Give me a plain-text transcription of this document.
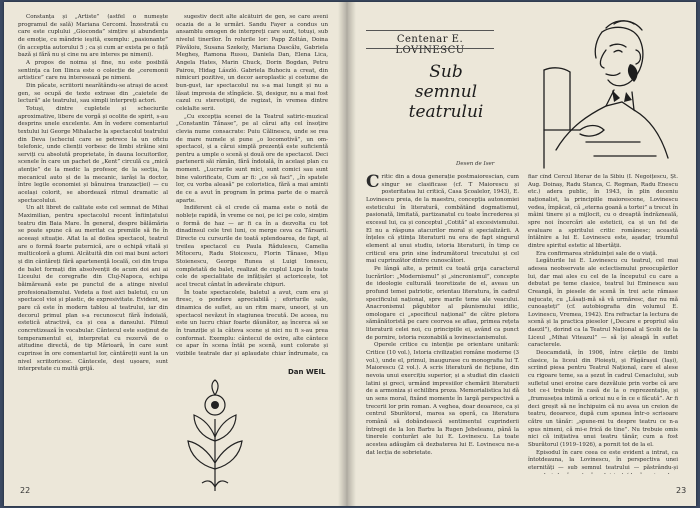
Constanța și „Artiste” (astfel o numește programul de sală) Mariana Cercomi. Înzestrată cu care este cuplului „Gioconda” simțire și abundența de emoție, cu mândrie ieșită, exemplu: „pasionante” (în acceptia autorului 5 ; ca și cum ar exista pe o față bază și fără nu și cine nu are interes pe nimeni).

A propos de noima și fine, nu este posibilă sentința ca Ion Ilinca este o colecție de „ceremonii artistice” care nu interesează pe nimeni.

Din păcate, scriitorii nearătându-se atrași de acest gen, se ocupă de texte extrase din „caietele de lectură” ale teatrului, sau simpli interpreți actori.

Totuși, dintre cupletele și scheciurile aproximative, libere de vorgă și ocolite de spirit, s-au desprins unele excelente. Am în vedere comentariul textului lui George Mihalache la spectacolul teatrului din Deva (scheciul care se petrece la un oficiu telefonic, unde clienții vorbesc de limbi străine sini serviți cu absolută proprietate, în dauna locuitorilor, scenele în care un pachet de „Kent” circulă cu „mică atenție” de la medic la profesor, de la secția, la mecanicul auto și de la mecanic, iarăși la doctor, între legile economiei și bănuirea tranzacției) — cu același colorit, se abordează ritmul dramatic al spectacolului.

Un alt libret de calitate este cel semnat de Mihai Maximilian, pentru spectacolul recent înființatului teatru din Baia Mare. În general, despre bălămăria se poate spune că au meritat ca premiile să fie în aceeași situație. Aflat la al doilea spectacol, teatrul are o formă foarte puternică, are o echipă vitală și multicoloră a glumi. Alcătuită din cei mai buni actori și din cântăreți fără apartenență locală, cei din trupa de balet formați din absolvenții de acum doi ani ai Liceului de coregrafie din Cluj-Napoca, echipa băimăreană este pe punctul de a atinge nivelul profesionalismului. Vedeta a fost aici baletul, cu un spectacol vioi și plastic, de expresivitate. Evident, se pare că este în modern tablou al teatrului, iar din decorul primul plan s-a recunoscut fără îndoială, estetică atractivă, ca și cea a dansului. Filmul concretizează în vocabular. Cântecul este susținut de temperamentul ei, interpretat cu rezervă de o atitudine directă, de tip Mărioară, în care sunt cuprinse în ore comentariul lor, cântăreții sunt la un nivel scriitoricesc. Cântecele, deși ușoare, sunt interpretate cu multă grijă.

sugestiv decît alte alcătuiri de gen, se care aveni ocazia de a le urmări. Sandu Fayer a condus un ansamblu omogen de interpreți care sunt, totuși, sub nivelul tinerilor. În rolurile lor: Papp Zoltán, Doina Păvăloiu, Susana Szekely, Mariana Dascălu, Gabriela Megheș, Ramona Russu, Daniela Dan, Elena Lica, Angela Hates, Marin Chuck, Dorin Bogdan, Petru Pairou, Hidag László. Gabriela Buhociu a creat, din nimicuri pozitive, un decor aeroplastic și costume de bun-gust, iar spectacolul nu s-a mai lungit și nu a lăsat impresia de stîngăcie. Și, desigur, nu a mai fost cazul cu stereotipii, de regizat, în vremea dintre celelalte serii.

„Cu excepția scenei de la Teatrul satiric-muzical „Constantin Tănase”, pe al cărui afiș cel însoțire clevia nume consacrate: Puiu Călinescu, unde se rea de mare numele și pune „o locomotivă”, un om-spectacol, și a cărui simplă prezență este suficientă pentru a umple o scenă și două ore de spectacol. Deci partenerii săi rămân, fără îndoială, în același plan cu moment. „Lucrurile sunt mici, sunt comici sau sunt bine valorificate, Cum ar fi: „ce să faci”, „în spatele lor, cu vorba aleasă” pe coloristica, fără a mai aminti de ce a avut în program în prima parte de o marcă aparte.

Indiferent că el crede că mama este o notă de noblețe rapidă, în vreme ce noi, pe ici pe colo, simțim o formă de haz — ar fi ca în a dezvolta cu tot dinadinsul cele trei luni, ce merge ceva ca Tărsarii. Directe cu cursurile de toată splendoarea, de fapt, al treilea spectacol cu Paula Rădulescu, Camelia Mîtoceru, Radu Stoicescu, Florin Tănase, Mișu Stoienescu, George Runea și Luigi Ionescu, completată de balet, realizat de cuplul Lupu în toate cele de specialitate de infățișări și actoricește, tot acel trecut cântat în adevărate chipuri.

În toate spectacolele, baletul a avut, cum era și firesc, o pondere apreciabilă ; eforturile sale, dinamica de suflet, au un ritm mare, uneori, și un spectacol nevăzut în stagiunea trecută. De aceea, nu este un lucru chiar foarte dăunător, aș încerca să se în tranziție și la câteva scene și nici nu fi s-au prea conformat. Exemplu: cântecul de ovire, alte cântece ce apar în scena întâi pe scenă, sunt colorate și vizibile teatrale dar și aplaudate chiar îndrumate, ca

Dan WEIL
22
Centenar E. LOVINESCU
Sub
semnul
teatrului
Desen de Iser

Critic din a doua generație postmaiorescian, cum singur se clasificase (cf. T Maiorescu și posteritatea lui critică, Casa Școalelor, 1943), E. Lovinescu preia, de la maestru, concepția autonomiei esteticului în literatură, combătând dogmatismul, pasionată, limitată, partizanatul cu toate încrederea și excesul lui, ca și conceptul „Cotită” al excesivismului. El nu a răspuns atacurilor moral și specializării. A înțeles că știința literaturii nu era de fapt singurul element al unui studiu, istoria literaturii, în timp ce criticul era prin sine îndrumătorul trecutului și cel mai cuprinzător dintre cunoscători.

Pe lângă alte, a primit cu toată grija caracterul lucrărilor: „Modernismul” și „sincronismul”, concepte de ideologie culturală teoretizate de el, aveau un profund temei patriotic, orientau literatura, în cadrul specificului național, spre marile teme ale veacului. Anacronismul păgubitor al păunismului idilic, omologare ci „specificul național” de către pletora sămănătoristă pe care ceorvoa se aflau, primea rețeta literaturii celei noi, cu principiile ei, având ca punct de pornire, istoria rezonabilă a lovinescianismului.

Operele critice cu intenție pe orientare unitară: Critice (10 vol.), Istoria civilizației române moderne (3 vol.), unde el, primul, inaugurase cu monografia lui T. Maiorescu (2 vol.). A scris literatură de ficțiune, din nevoia unui exercițiu superior, și a studiat din clasicii latini și greci, urmând impresiilor chemării literaturii de a armoniza și echilibra proza. Memorialistica lui dă un sens moral, fixând momente în largă perspectivă a trecerii lor prin roman. A veghea, doar deoarece, ca și centrul Sburătorul, marea sa operă, ca literatura română să dobândească sentimentul cuprinderii întregii de la Ion Barbu la Rugen Jebeleanu, până la tinerele conturări ale lui E. Lovinescu. La toate acestea adăugăm că dezbaterea lui E. Lovinescu ne-a dat lecția de sobrietate.

fiar cînd Cercul literar de la Sibiu (I. Negoițescu, Șt. Aug. Doinaș, Radu Stanca, C. Regman, Radu Enescu etc.) adera public, în 1943, în plin deceniu naționalist, la principiile maiorescene, Lovinescu vedea, împăcat, că „eterna goană a tortei” a trecut în mâini tinere și a mijlocit, cu o dreaptă îndrăzneală, spre noi încercări ale esteticii, ca și un fel de evaluare a spiritului critic românesc; această întâlnire a lui E. Lovinescu este, așadar, triumful dintre spiritul estetic al libertății.

Era confirmarea străduinței sale de o viață.

Legăturile lui E. Lovinescu cu teatrul, cel mai adesea neobservate ale eclectismului preocupărilor lui, dar mai ales cu cel de la începutul cu care a debutat pe teme clasice, teatrul lui Eminescu sau Creangă, în piesele de scenă în trei acte rămase nejucate, cu „Lăsați-mă să vă urmăresc, dar nu mă cunoașteți” (cf. autobiografia din volumul E. Lovinescu, Vremea, 1942). Era refractar la lectura de scenă și la practica pieselor („Decare e propriul său daezil”), dorind ca la Teatrul Național al Școlii de la Liceul „Mihai Viteazul” — să își aleagă în suflet caracterele.

Deocamdată, în 1906, între cărțile de limbi clasice, la liceul din Ploiești, și Făgărașul (Iași), scriind piesa pentru Teatrul Național, care el alese cu rigoare teme, sa a șezut în cadrul Cenaclului, sub sufletul unei eroine care dezvăluie prin vorbe că are tot ce-i trebuie în casă de la o reprezentație, și „frumusețea intimă a oricui nu e în ce e făcută”. Ar fi deci greșit să ne închipuim că nu avea un creion de teatru, deoarece, după cum spunea într-o scrisoare către un tânăr: „spune-mi tu despre teatru ce n-a spus nimeni, că mi-e frică de tine”. Nu trebuie omis nici că inițiativa unui teatru tânăr, cum a fost Sburătorul (1919–1926), a pornit tot de la el.

Episodul în care ceea ce este evident a intrat, ca întotdeauna, la Lovinescu, în perspectiva unei eternități — sub semnul teatrului — păstrându-și

23
